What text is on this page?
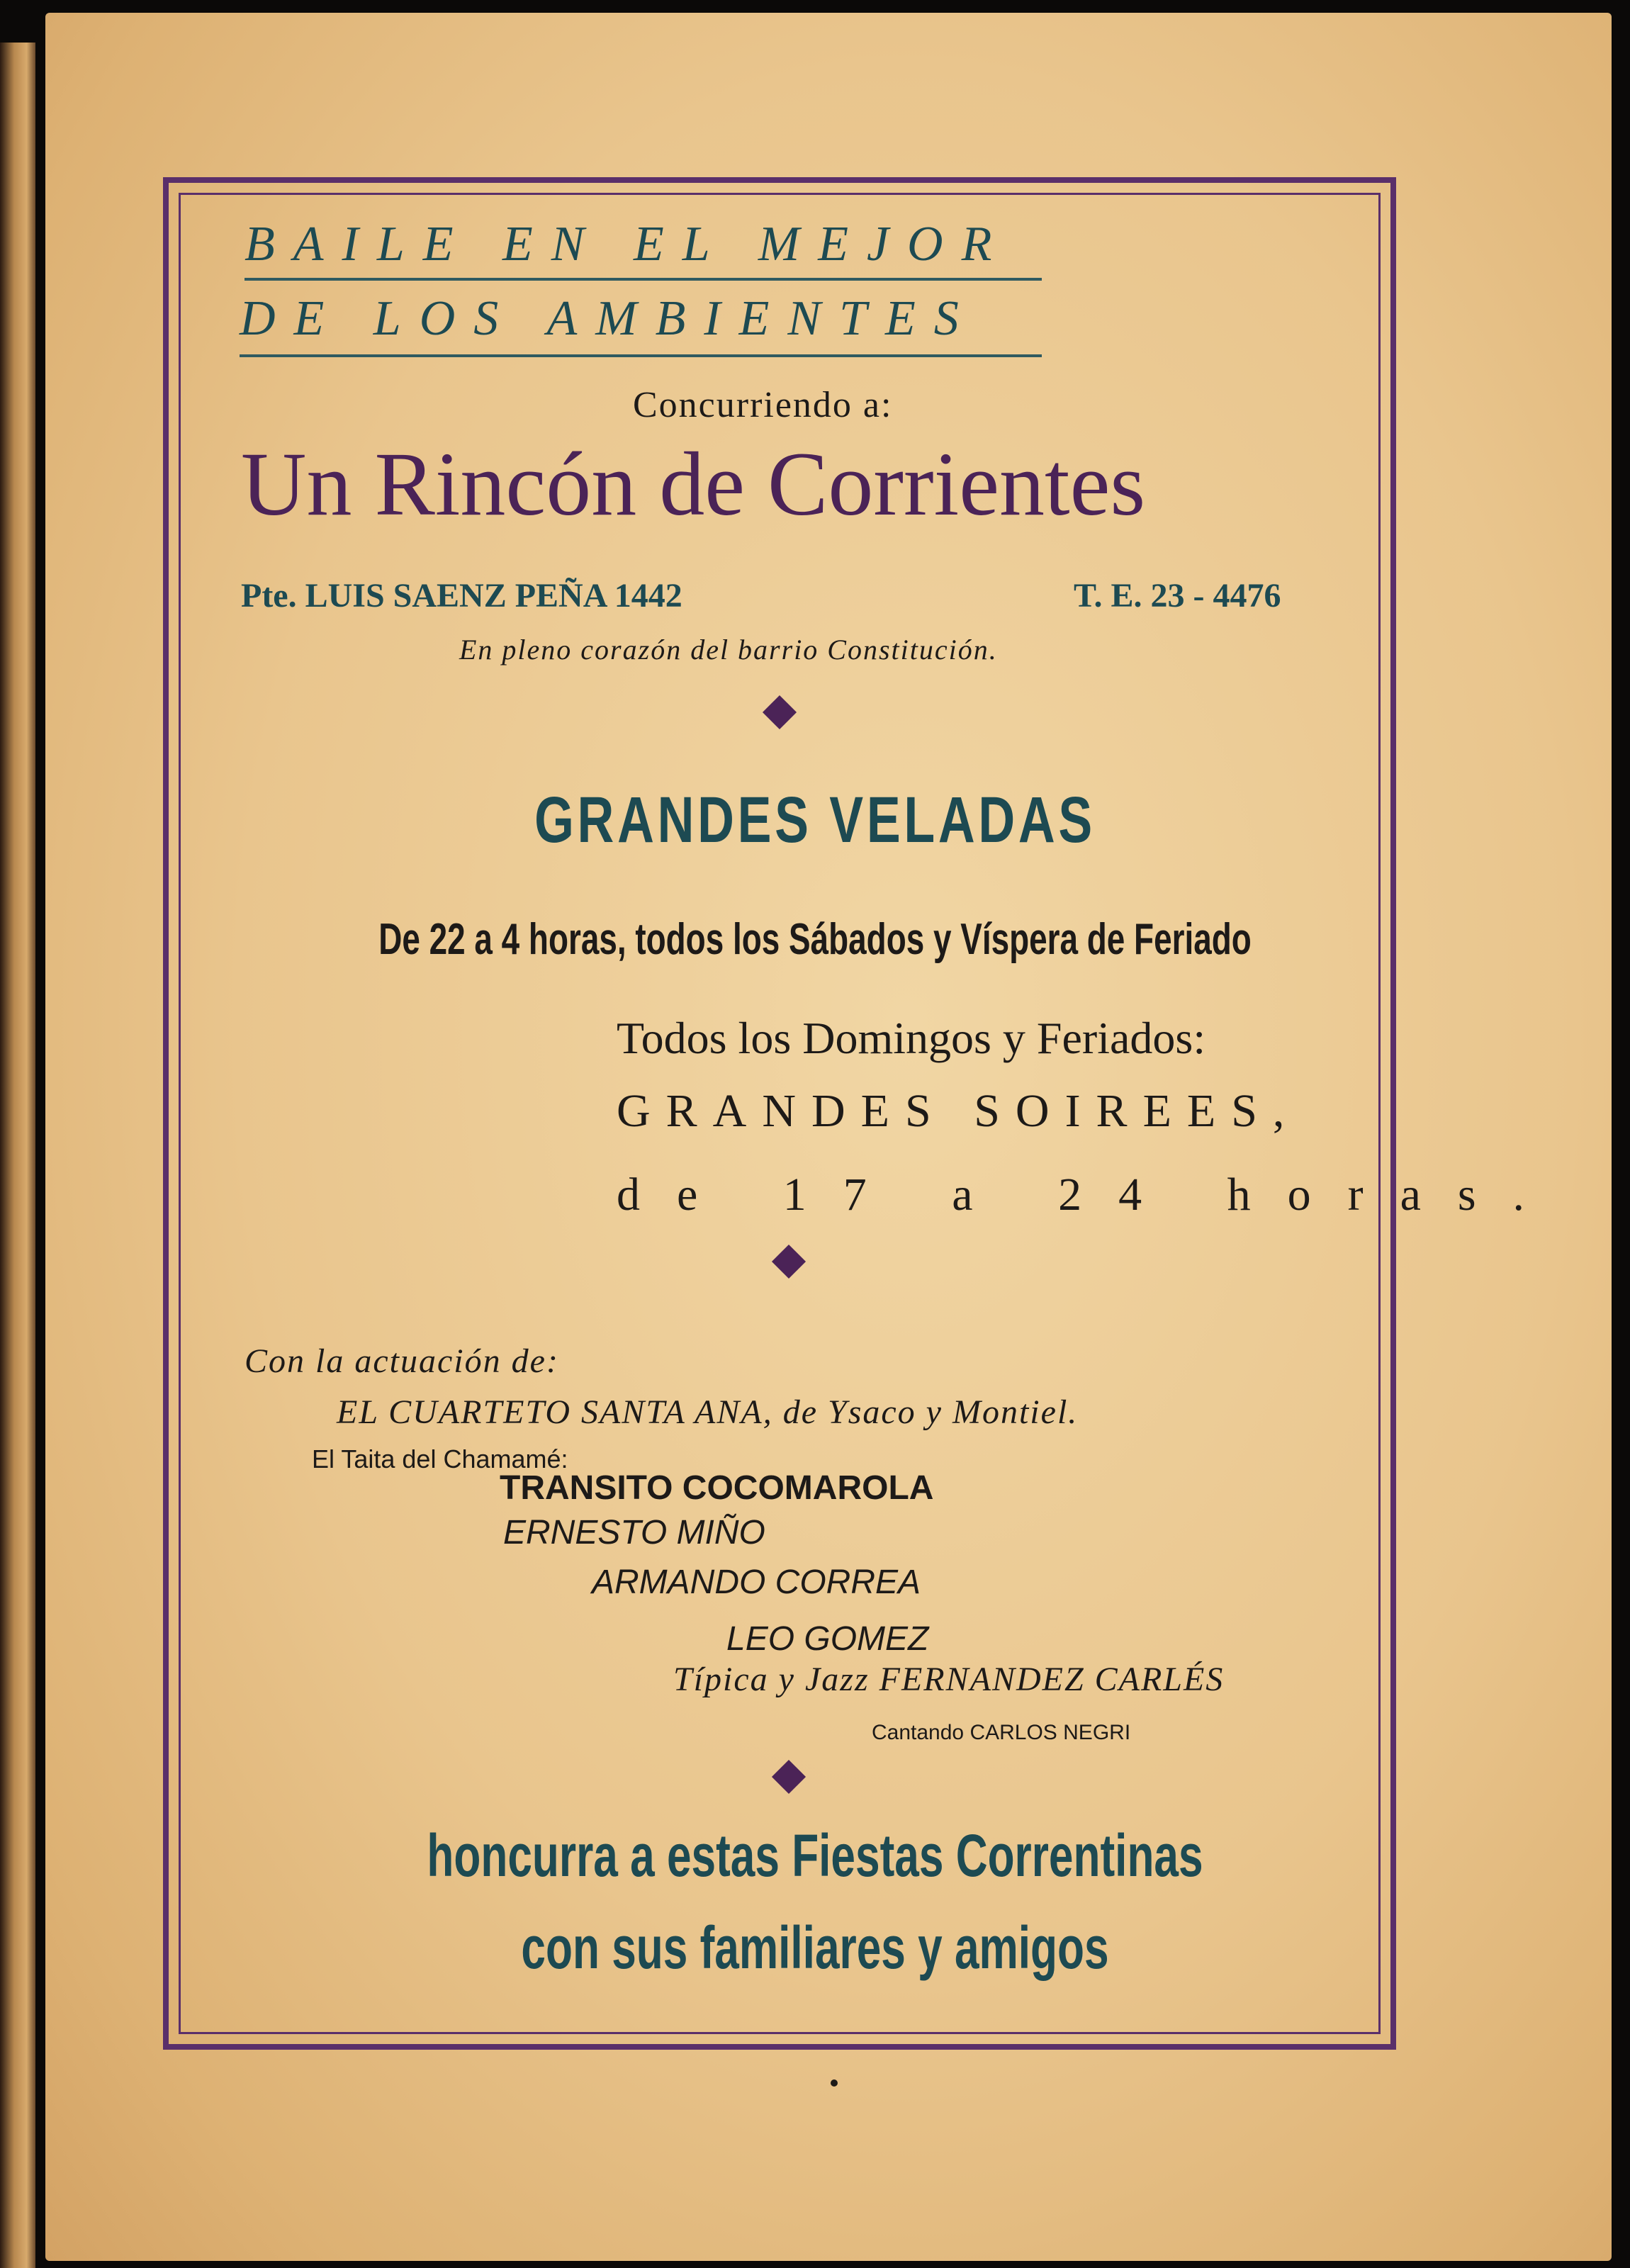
BAILE EN EL MEJOR
DE LOS AMBIENTES
Concurriendo a:
Un Rincón de Corrientes
Pte. LUIS SAENZ PEÑA 1442	T. E. 23 - 4476
En pleno corazón del barrio Constitución.
GRANDES VELADAS
De 22 a 4 horas, todos los Sábados y Víspera de Feriado
Todos los Domingos y Feriados:
GRANDES SOIREES,
de 17 a 24 horas.
Con la actuación de:
EL CUARTETO SANTA ANA, de Ysaco y Montiel.
El Taita del Chamamé:
TRANSITO COCOMAROLA
ERNESTO MIÑO
ARMANDO CORREA
LEO GOMEZ
Típica y Jazz FERNANDEZ CARLÉS
Cantando CARLOS NEGRI
honcurra a estas Fiestas Correntinas
con sus familiares y amigos
